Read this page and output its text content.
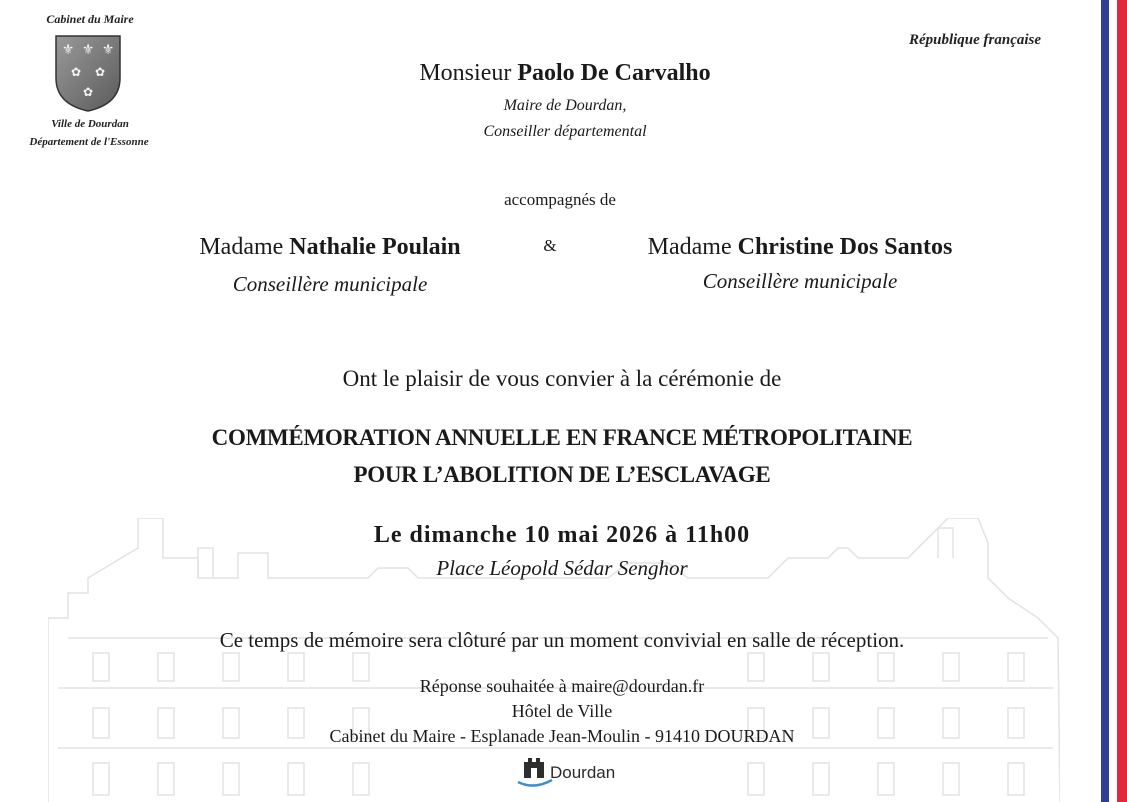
Cabinet du Maire
⚜ ⚜ ⚜
✿ ✿
✿
Ville de Dourdan
Département de l'Essonne
République française
Monsieur Paolo De Carvalho
Maire de Dourdan,
Conseiller départemental
accompagnés de
Madame Nathalie Poulain
Conseillère municipale
&	Madame Christine Dos Santos
Conseillère municipale
Ont le plaisir de vous convier à la cérémonie de
COMMÉMORATION ANNUELLE EN FRANCE MÉTROPOLITAINE
POUR L’ABOLITION DE L’ESCLAVAGE
Le dimanche 10 mai 2026 à 11h00
Place Léopold Sédar Senghor
Ce temps de mémoire sera clôturé par un moment convivial en salle de réception.
Réponse souhaitée à maire@dourdan.fr
Hôtel de Ville
Cabinet du Maire - Esplanade Jean-Moulin - 91410 DOURDAN
Dourdan
